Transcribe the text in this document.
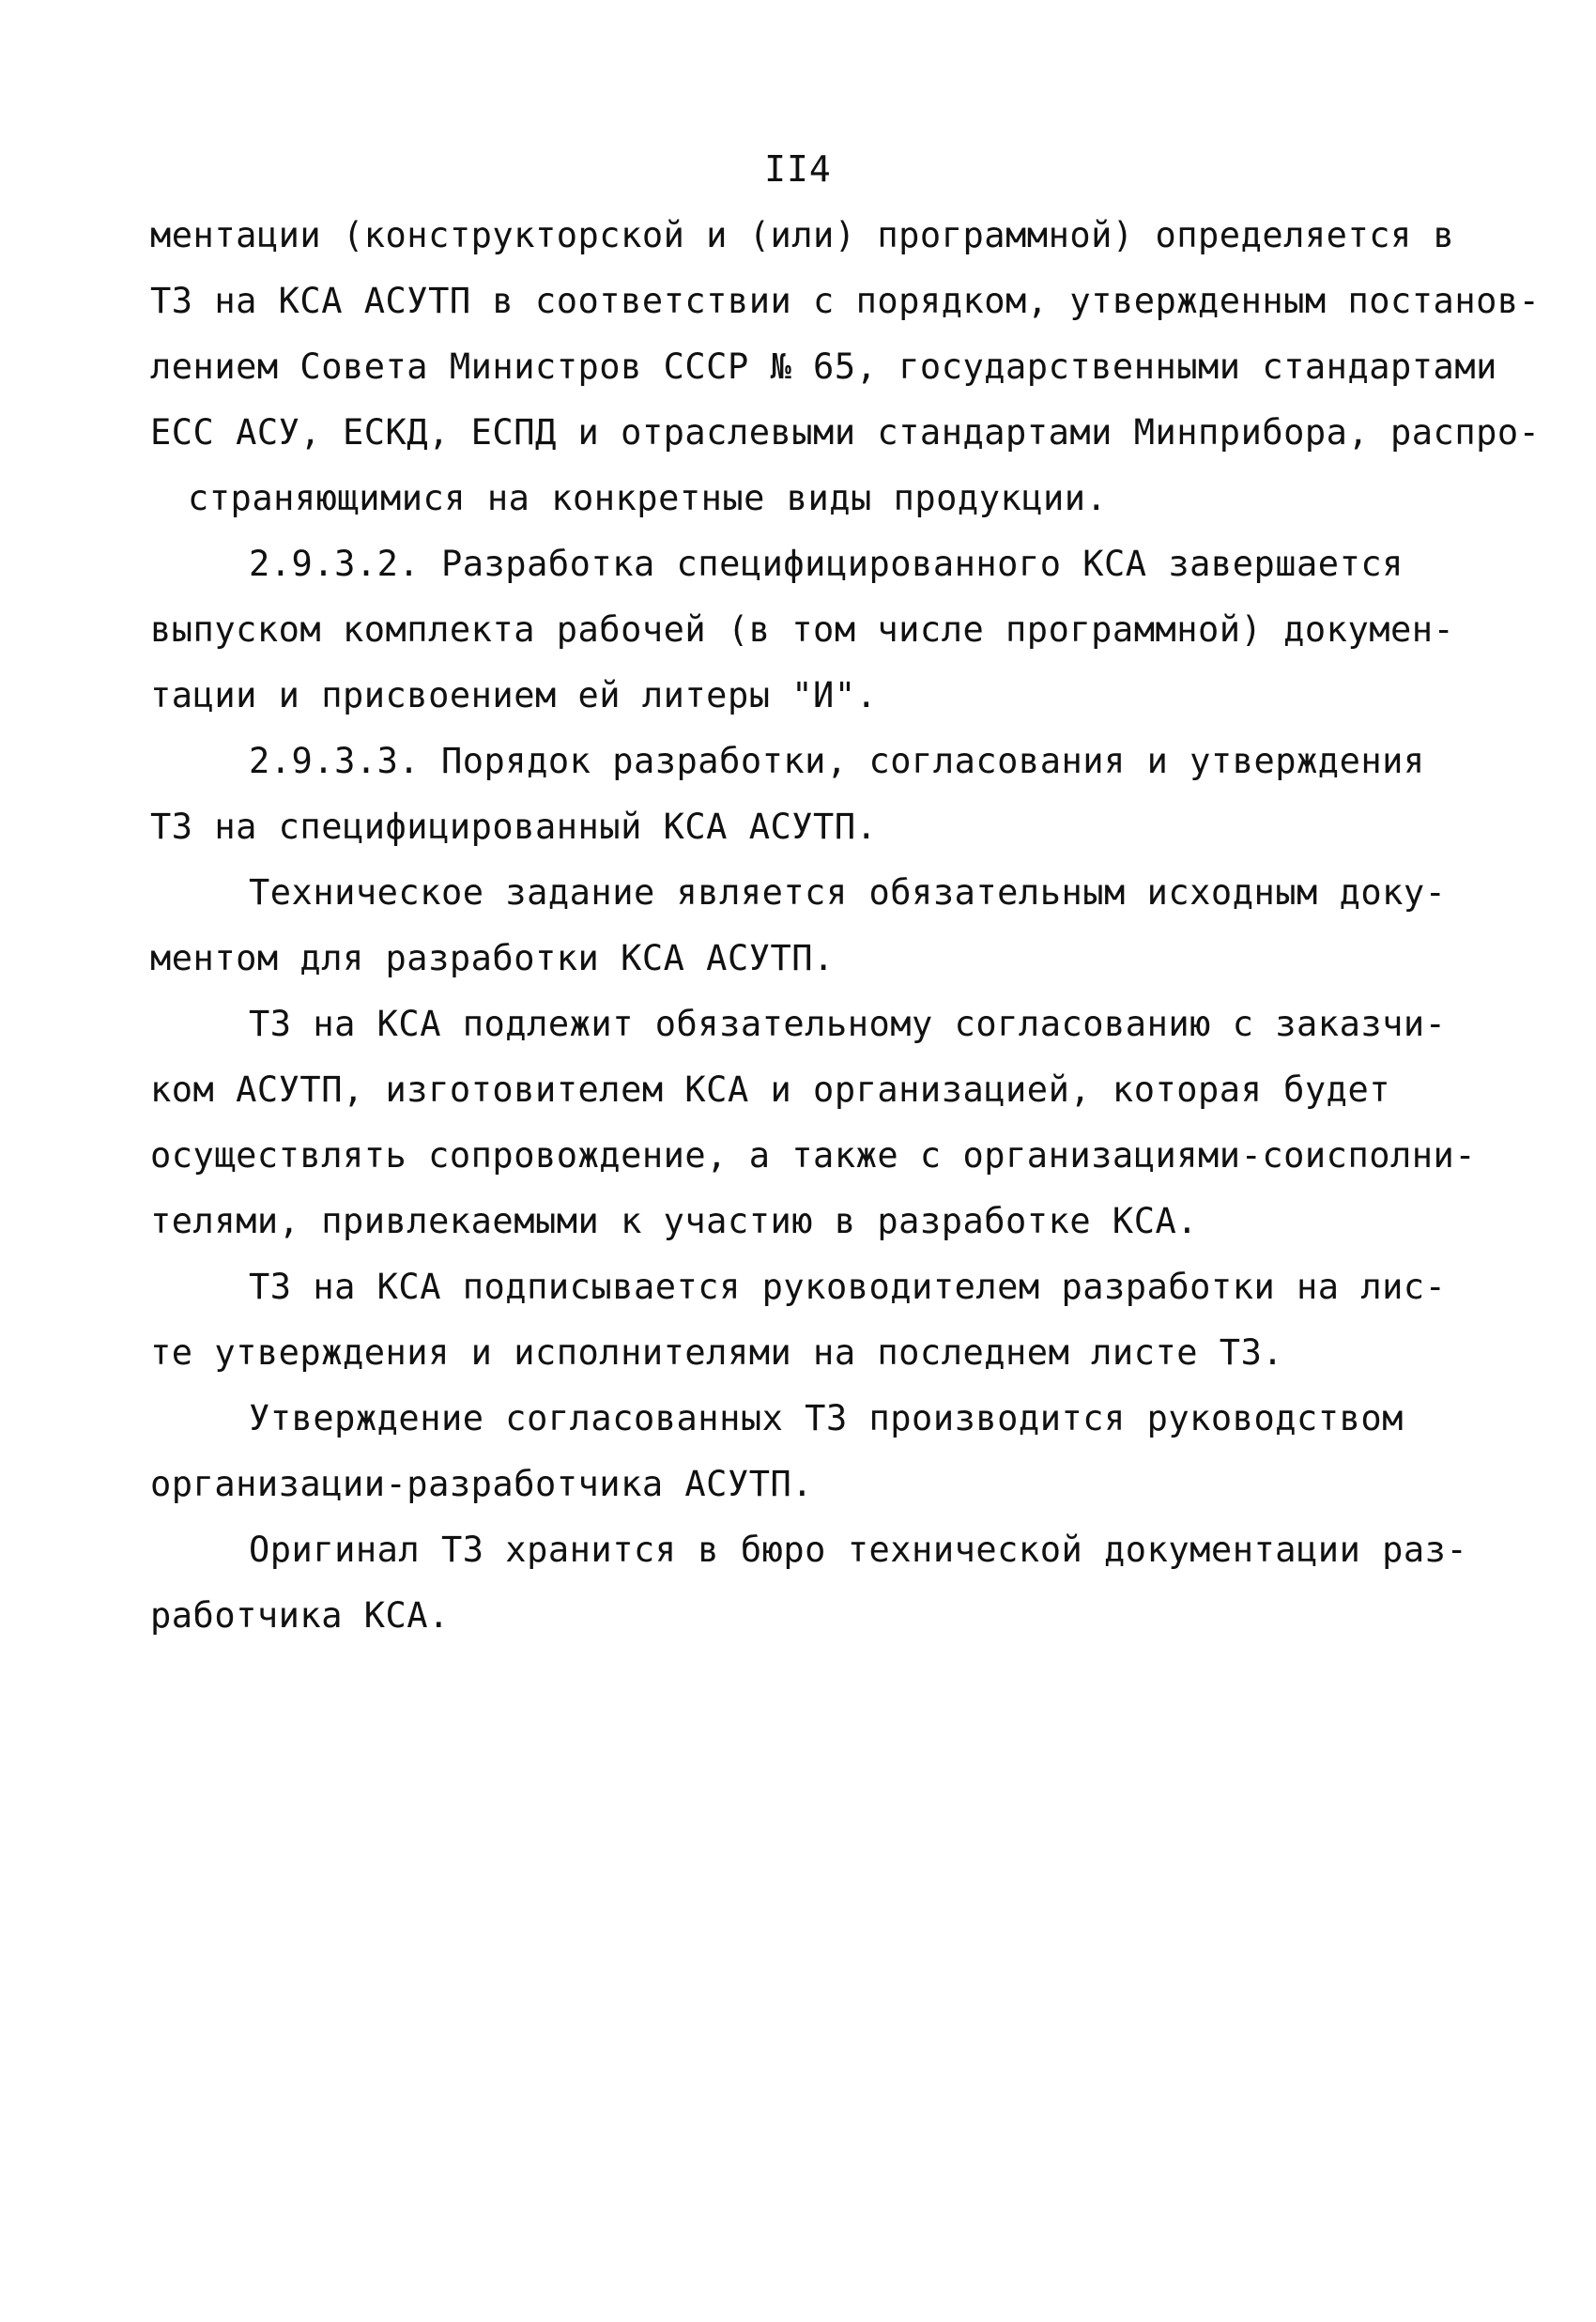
II4
ментации (конструкторской и (или) программной) определяется в
ТЗ на КСА АСУТП в соответствии с порядком, утвержденным постанов-
лением Совета Министров СССР № 65, государственными стандартами
ЕСС АСУ, ЕСКД, ЕСПД и отраслевыми стандартами Минприбора, распро-
страняющимися на конкретные виды продукции.
2.9.3.2. Разработка специфицированного КСА завершается
выпуском комплекта рабочей (в том числе программной) докумен-
тации и присвоением ей литеры "И".
2.9.3.3. Порядок разработки, согласования и утверждения
ТЗ на специфицированный КСА АСУТП.
Техническое задание является обязательным исходным доку-
ментом для разработки КСА АСУТП.
ТЗ на КСА подлежит обязательному согласованию с заказчи-
ком АСУТП, изготовителем КСА и организацией, которая будет
осуществлять сопровождение, а также с организациями-соисполни-
телями, привлекаемыми к участию в разработке КСА.
ТЗ на КСА подписывается руководителем разработки на лис-
те утверждения и исполнителями на последнем листе ТЗ.
Утверждение согласованных ТЗ производится руководством
организации-разработчика АСУТП.
Оригинал ТЗ хранится в бюро технической документации раз-
работчика КСА.
